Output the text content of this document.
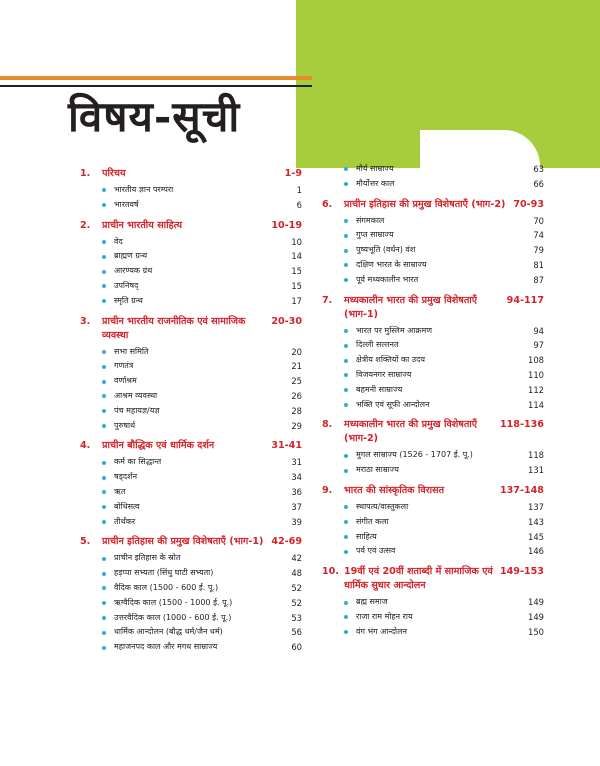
विषय-सूची
1.	परिचय	1-9
भारतीय ज्ञान परम्परा	1
भारतवर्ष	6
2.	प्राचीन भारतीय साहित्य	10-19
वेद	10
ब्राह्मण ग्रन्थ	14
आरण्यक ग्रंथ	15
उपनिषद्	15
स्मृति ग्रन्थ	17
3.	प्राचीन भारतीय राजनीतिक एवं सामाजिक व्यवस्था
20-30
सभा समिति	20
गणतंत्र	21
वर्णाश्रम	25
आश्रम व्यवस्था	26
पंच महायज्ञ/यज्ञ	28
पुरुषार्थ	29
4.	प्राचीन बौद्धिक एवं धार्मिक दर्शन	31-41
कर्म का सिद्धान्त	31
षड्दर्शन	34
ऋत	36
बोधिसत्व	37
तीर्थंकर	39
5.	प्राचीन इतिहास की प्रमुख विशेषताएँ (भाग-1) 42-69
प्राचीन इतिहास के स्रोत	42
हड़प्पा सभ्यता (सिंधु घाटी सभ्यता)	48
वैदिक काल (1500 - 600 ई. पू.)	52
ऋग्वैदिक काल (1500 - 1000 ई. पू.)	52
उत्तरवैदिक काल (1000 - 600 ई. पू.)	53
धार्मिक आन्दोलन (बौद्ध धर्म/जैन धर्म)	56
महाजनपद काल और मगध साम्राज्य	60
मौर्य साम्राज्य	63
मौर्योत्तर काल	66
6.	प्राचीन इतिहास की प्रमुख विशेषताएँ (भाग-2) 70-93
संगमकाल	70
गुप्त साम्राज्य	74
पुष्यभूति (वर्धन) वंश	79
दक्षिण भारत के साम्राज्य	81
पूर्व मध्यकालीन भारत	87
7.	मध्यकालीन भारत की प्रमुख विशेषताएँ (भाग-1)
94-117
भारत पर मुस्लिम आक्रमण	94
दिल्ली सल्तनत	97
क्षेत्रीय शक्तियों का उदय	108
विजयनगर साम्राज्य	110
बहमनी साम्राज्य	112
भक्ति एवं सूफी आन्दोलन	114
8.	मध्यकालीन भारत की प्रमुख विशेषताएँ (भाग-2)
118-136
मुगल साम्राज्य (1526 - 1707 ई. पू.)	118
मराठा साम्राज्य	131
9.	भारत की सांस्कृतिक विरासत	137-148
स्थापत्य/वास्तुकला	137
संगीत कला	143
साहित्य	145
पर्व एवं उत्सव	146
10. 19वीं एवं 20वीं शताब्दी में सामाजिक एवं धार्मिक सुधार आन्दोलन
149-153
ब्रह्म समाज	149
राजा राम मोहन राय	149
वंग भंग आन्दोलन	150
